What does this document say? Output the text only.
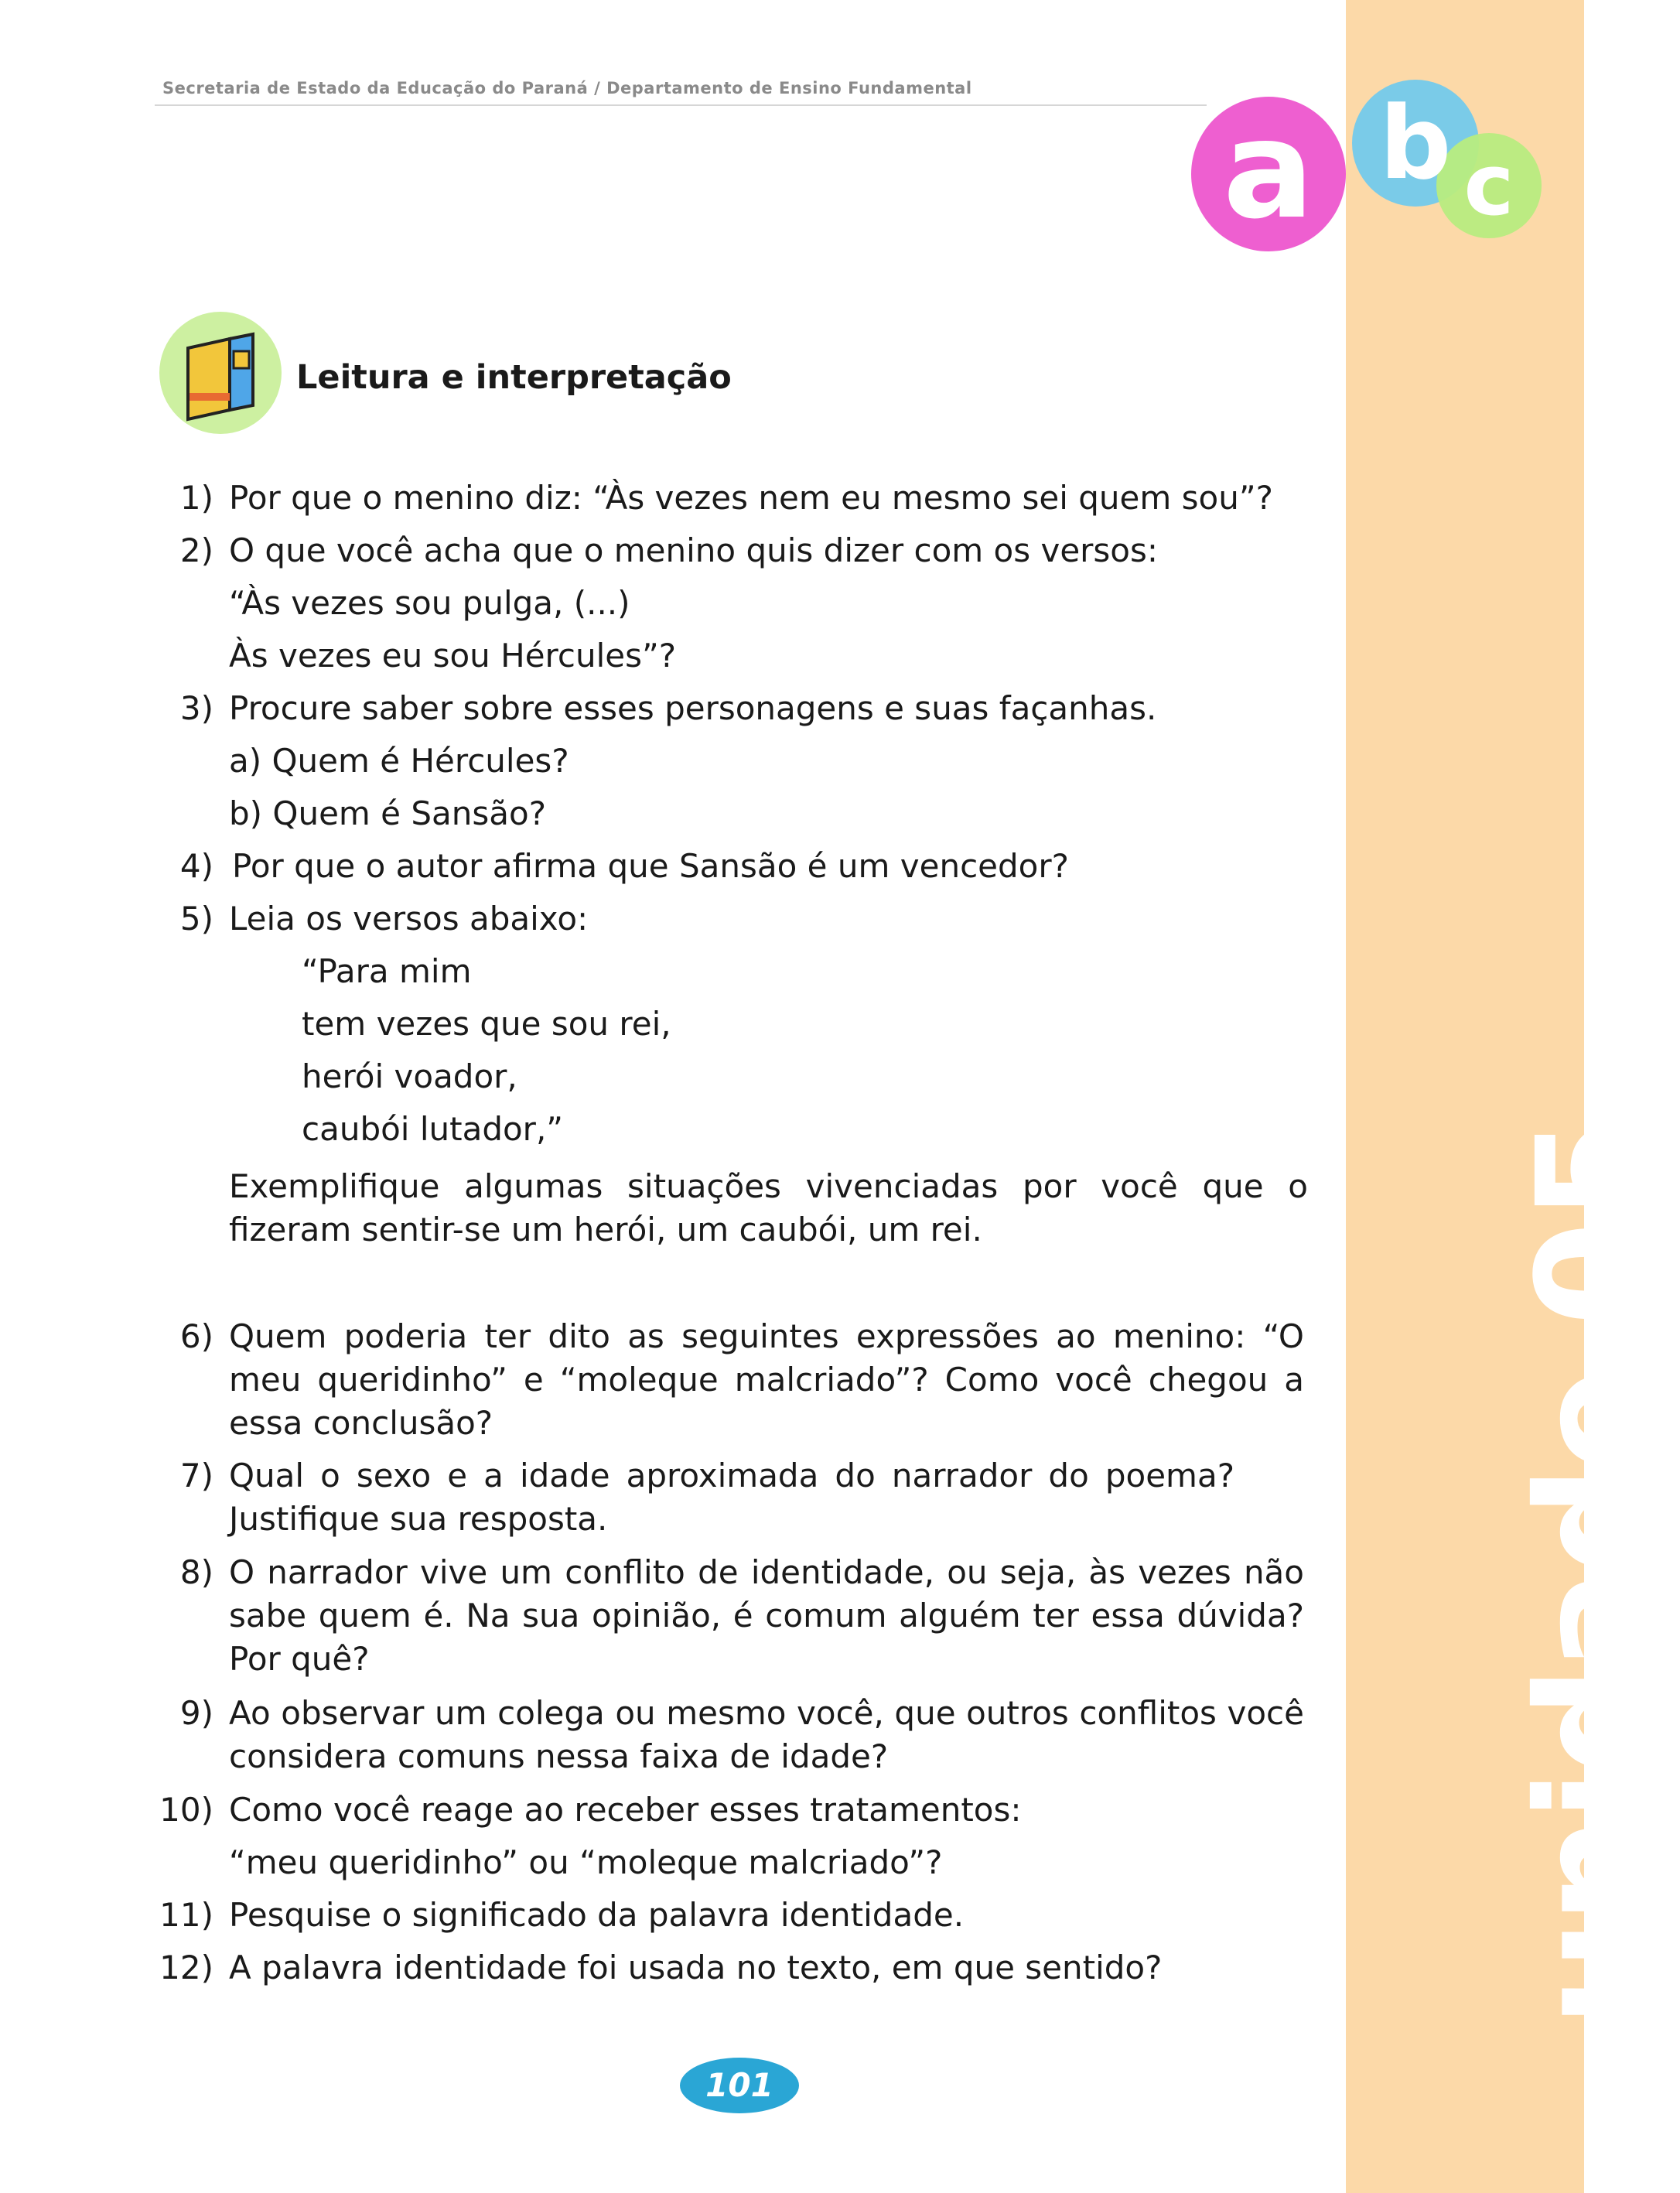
Secretaria de Estado da Educação do Paraná / Departamento de Ensino Fundamental
unidade05...identidade
a b c
Leitura e interpretação
1) Por que o menino diz: “Às vezes nem eu mesmo sei quem sou”?
2) O que você acha que o menino quis dizer com os versos:
“Às vezes sou pulga, (...)
Às vezes eu sou Hércules”?
3) Procure saber sobre esses personagens e suas façanhas.
a) Quem é Hércules?
b) Quem é Sansão?
4) Por que o autor afirma que Sansão é um vencedor?
5) Leia os versos abaixo:
“Para mim
tem vezes que sou rei,
herói voador,
caubói lutador,”
Exemplifique algumas situações vivenciadas por você que o fizeram sentir-se um herói, um caubói, um rei.
6) Quem poderia ter dito as seguintes expressões ao menino: “O meu queridinho” e “moleque malcriado”? Como você chegou a essa conclusão?
7) Qual o sexo e a idade aproximada do narrador do poema? Justifique sua resposta.
8) O narrador vive um conflito de identidade, ou seja, às vezes não sabe quem é. Na sua opinião, é comum alguém ter essa dúvida? Por quê?
9) Ao observar um colega ou mesmo você, que outros conflitos você considera comuns nessa faixa de idade?
10) Como você reage ao receber esses tratamentos:
“meu queridinho” ou “moleque malcriado”?
11) Pesquise o significado da palavra identidade.
12) A palavra identidade foi usada no texto, em que sentido?
101
